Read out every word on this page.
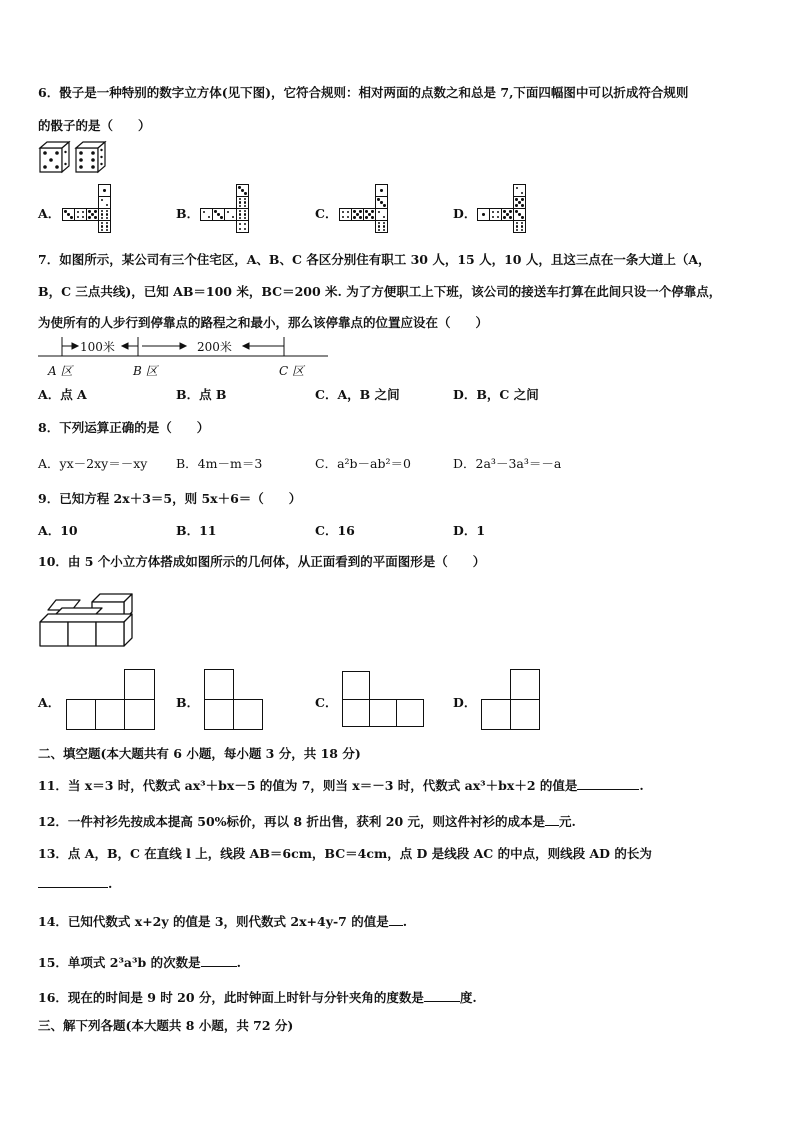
6．骰子是一种特别的数字立方体(见下图)，它符合规则：相对两面的点数之和总是 7,下面四幅图中可以折成符合规则
的骰子的是（　　）
A．	B．	C．	D．
7．如图所示，某公司有三个住宅区，A、B、C 各区分别住有职工 30 人，15 人，10 人，且这三点在一条大道上（A，
B，C 三点共线)，已知 AB＝100 米，BC＝200 米. 为了方便职工上下班，该公司的接送车打算在此间只设一个停靠点，
为使所有的人步行到停靠点的路程之和最小，那么该停靠点的位置应设在（　　）
100米	200米
A 区	B 区	C 区
A．点 A	B．点 B	C．A，B 之间	D．B，C 之间
8．下列运算正确的是（　　）
A．yx－2xy＝－xy B．4m－m＝3	C．a²b－ab²＝0	D．2a³－3a³＝－a
9．已知方程 2x＋3＝5，则 5x＋6＝（　　）
A．10	B．11	C．16	D．1
10．由 5 个小立方体搭成如图所示的几何体，从正面看到的平面图形是（　　）
A．	B．	C．	D．
二、填空题(本大题共有 6 小题，每小题 3 分，共 18 分)
11．当 x＝3 时，代数式 ax³＋bx－5 的值为 7，则当 x＝－3 时，代数式 ax³＋bx＋2 的值是	.
12．一件衬衫先按成本提高 50%标价，再以 8 折出售，获利 20 元，则这件衬衫的成本是 元.
13．点 A，B，C 在直线 l 上，线段 AB＝6cm，BC＝4cm，点 D 是线段 AC 的中点，则线段 AD 的长为
.
14．已知代数式 x+2y 的值是 3，则代数式 2x+4y-7 的值是 .
15．单项式 2³a³b 的次数是	.
16．现在的时间是 9 时 20 分，此时钟面上时针与分针夹角的度数是	度.
三、解下列各题(本大题共 8 小题，共 72 分)
